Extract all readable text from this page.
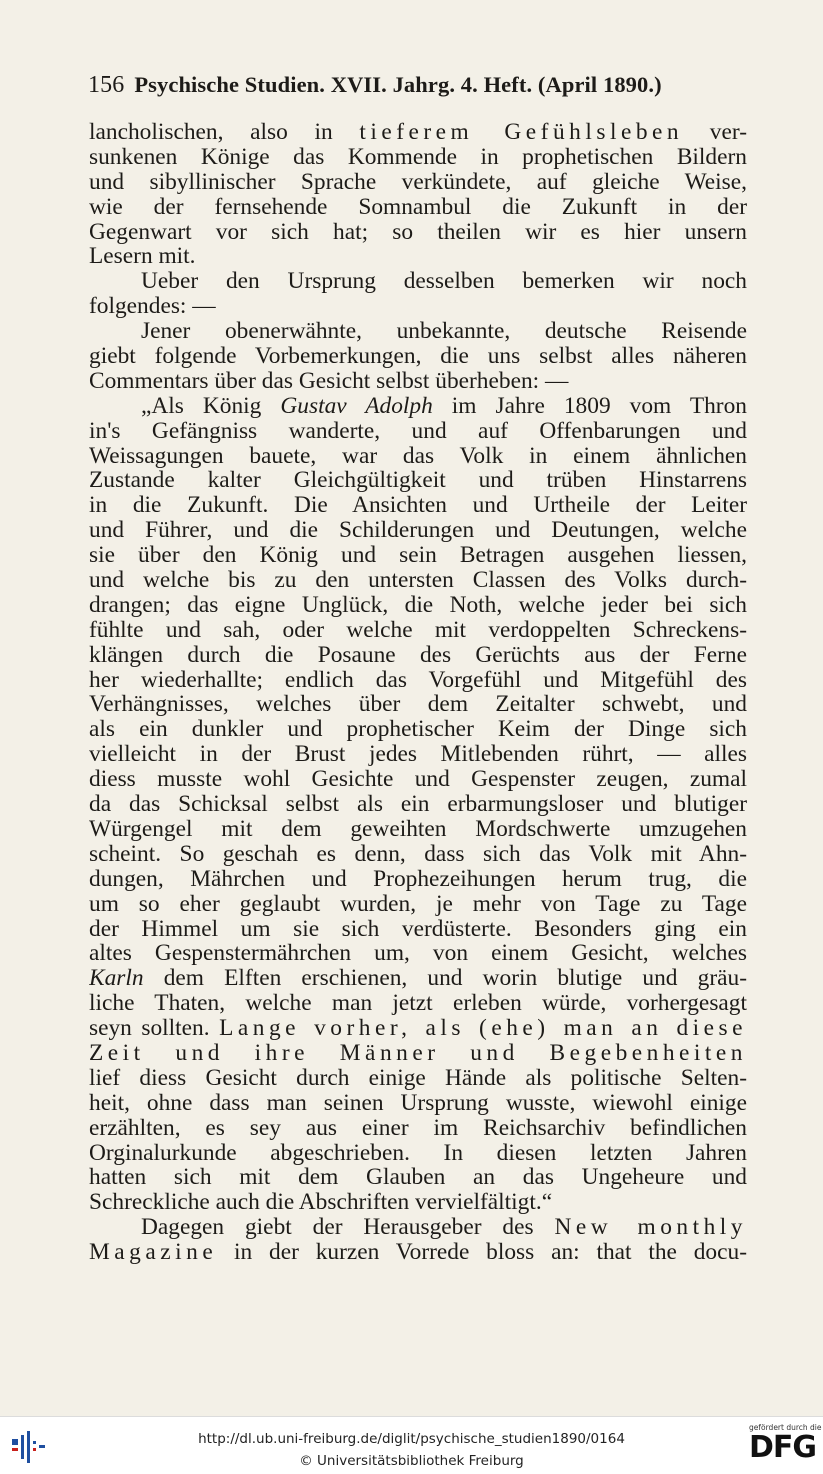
156 Psychische Studien. XVII. Jahrg. 4. Heft. (April 1890.)
lancholischen, also in tieferem Gefühlsleben ver-
sunkenen Könige das Kommende in prophetischen Bildern
und sibyllinischer Sprache verkündete, auf gleiche Weise,
wie der fernsehende Somnambul die Zukunft in der
Gegenwart vor sich hat; so theilen wir es hier unsern
Lesern mit.
Ueber den Ursprung desselben bemerken wir noch
folgendes: —
Jener obenerwähnte, unbekannte, deutsche Reisende
giebt folgende Vorbemerkungen, die uns selbst alles näheren
Commentars über das Gesicht selbst überheben: —
„Als König Gustav Adolph im Jahre 1809 vom Thron
in's Gefängniss wanderte, und auf Offenbarungen und
Weissagungen bauete, war das Volk in einem ähnlichen
Zustande kalter Gleichgültigkeit und trüben Hinstarrens
in die Zukunft. Die Ansichten und Urtheile der Leiter
und Führer, und die Schilderungen und Deutungen, welche
sie über den König und sein Betragen ausgehen liessen,
und welche bis zu den untersten Classen des Volks durch-
drangen; das eigne Unglück, die Noth, welche jeder bei sich
fühlte und sah, oder welche mit verdoppelten Schreckens-
klängen durch die Posaune des Gerüchts aus der Ferne
her wiederhallte; endlich das Vorgefühl und Mitgefühl des
Verhängnisses, welches über dem Zeitalter schwebt, und
als ein dunkler und prophetischer Keim der Dinge sich
vielleicht in der Brust jedes Mitlebenden rührt, — alles
diess musste wohl Gesichte und Gespenster zeugen, zumal
da das Schicksal selbst als ein erbarmungsloser und blutiger
Würgengel mit dem geweihten Mordschwerte umzugehen
scheint. So geschah es denn, dass sich das Volk mit Ahn-
dungen, Mährchen und Prophezeihungen herum trug, die
um so eher geglaubt wurden, je mehr von Tage zu Tage
der Himmel um sie sich verdüsterte. Besonders ging ein
altes Gespenstermährchen um, von einem Gesicht, welches
Karln dem Elften erschienen, und worin blutige und gräu-
liche Thaten, welche man jetzt erleben würde, vorhergesagt
seyn sollten. Lange vorher, als (ehe) man an diese
Zeit und ihre Männer und Begebenheiten
lief diess Gesicht durch einige Hände als politische Selten-
heit, ohne dass man seinen Ursprung wusste, wiewohl einige
erzählten, es sey aus einer im Reichsarchiv befindlichen
Orginalurkunde abgeschrieben. In diesen letzten Jahren
hatten sich mit dem Glauben an das Ungeheure und
Schreckliche auch die Abschriften vervielfältigt.“
Dagegen giebt der Herausgeber des New monthly
Magazine in der kurzen Vorrede bloss an: that the docu-
http://dl.ub.uni-freiburg.de/diglit/psychische_studien1890/0164
© Universitätsbibliothek Freiburg
gefördert durch die
DFG
